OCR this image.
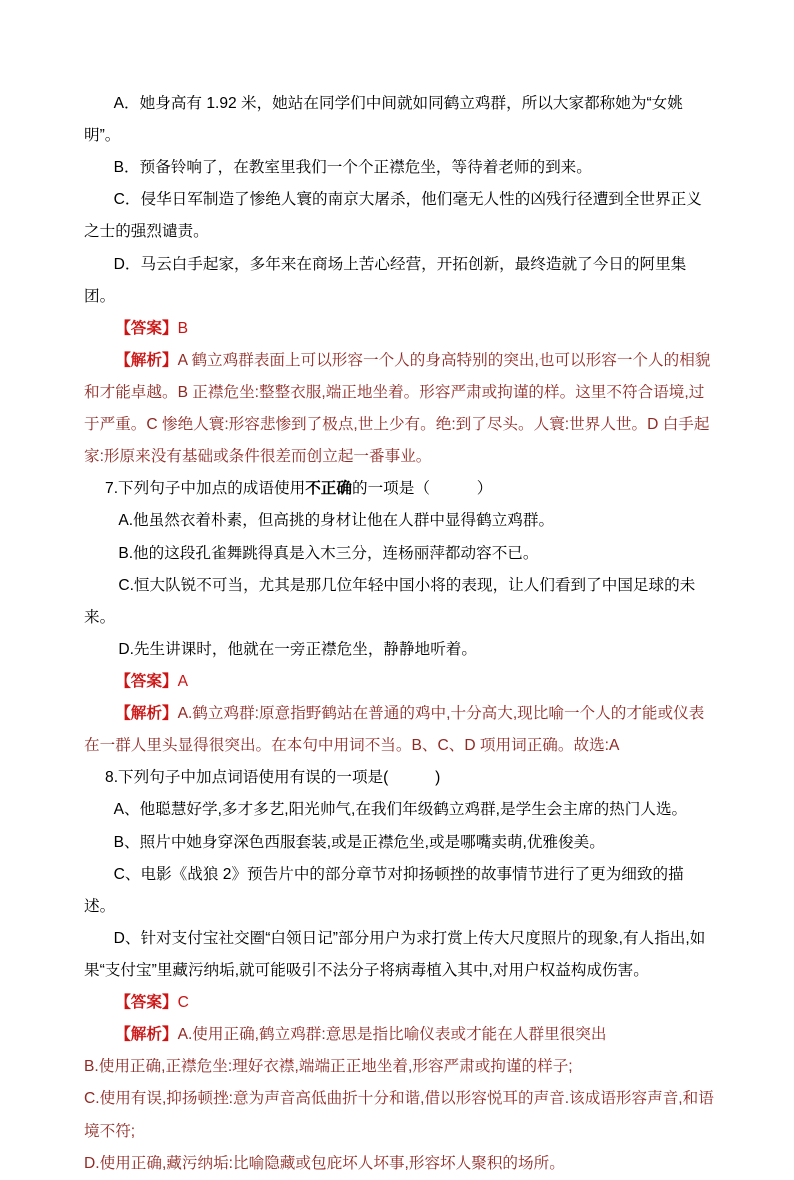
A．她身高有 1.92 米，她站在同学们中间就如同鹤立鸡群，所以大家都称她为“女姚明”。

B．预备铃响了，在教室里我们一个个正襟危坐，等待着老师的到来。

C．侵华日军制造了惨绝人寰的南京大屠杀，他们毫无人性的凶残行径遭到全世界正义之士的强烈谴责。

D．马云白手起家，多年来在商场上苦心经营，开拓创新，最终造就了今日的阿里集团。

【答案】B

【解析】A 鹤立鸡群表面上可以形容一个人的身高特别的突出,也可以形容一个人的相貌和才能卓越。B 正襟危坐:整整衣服,端正地坐着。形容严肃或拘谨的样。这里不符合语境,过于严重。C 惨绝人寰:形容悲惨到了极点,世上少有。绝:到了尽头。人寰:世界人世。D 白手起家:形原来没有基础或条件很差而创立起一番事业。

7.下列句子中加点的成语使用不正确的一项是（　　　）

A.他虽然衣着朴素，但高挑的身材让他在人群中显得鹤立鸡群。

B.他的这段孔雀舞跳得真是入木三分，连杨丽萍都动容不已。

C.恒大队锐不可当，尤其是那几位年轻中国小将的表现，让人们看到了中国足球的未来。

D.先生讲课时，他就在一旁正襟危坐，静静地听着。

【答案】A

【解析】A.鹤立鸡群:原意指野鹤站在普通的鸡中,十分高大,现比喻一个人的才能或仪表在一群人里头显得很突出。在本句中用词不当。B、C、D 项用词正确。故选:A

8.下列句子中加点词语使用有误的一项是(　　　)

A、他聪慧好学,多才多艺,阳光帅气,在我们年级鹤立鸡群,是学生会主席的热门人选。

B、照片中她身穿深色西服套装,或是正襟危坐,或是哪嘴卖萌,优雅俊美。

C、电影《战狼 2》预告片中的部分章节对抑扬顿挫的故事情节进行了更为细致的描述。

D、针对支付宝社交圈“白领日记”部分用户为求打赏上传大尺度照片的现象,有人指出,如果“支付宝”里藏污纳垢,就可能吸引不法分子将病毒植入其中,对用户权益构成伤害。

【答案】C

【解析】A.使用正确,鹤立鸡群:意思是指比喻仪表或才能在人群里很突出

B.使用正确,正襟危坐:理好衣襟,端端正正地坐着,形容严肃或拘谨的样子;

C.使用有误,抑扬顿挫:意为声音高低曲折十分和谐,借以形容悦耳的声音.该成语形容声音,和语境不符;

D.使用正确,藏污纳垢:比喻隐藏或包庇坏人坏事,形容坏人聚积的场所。
